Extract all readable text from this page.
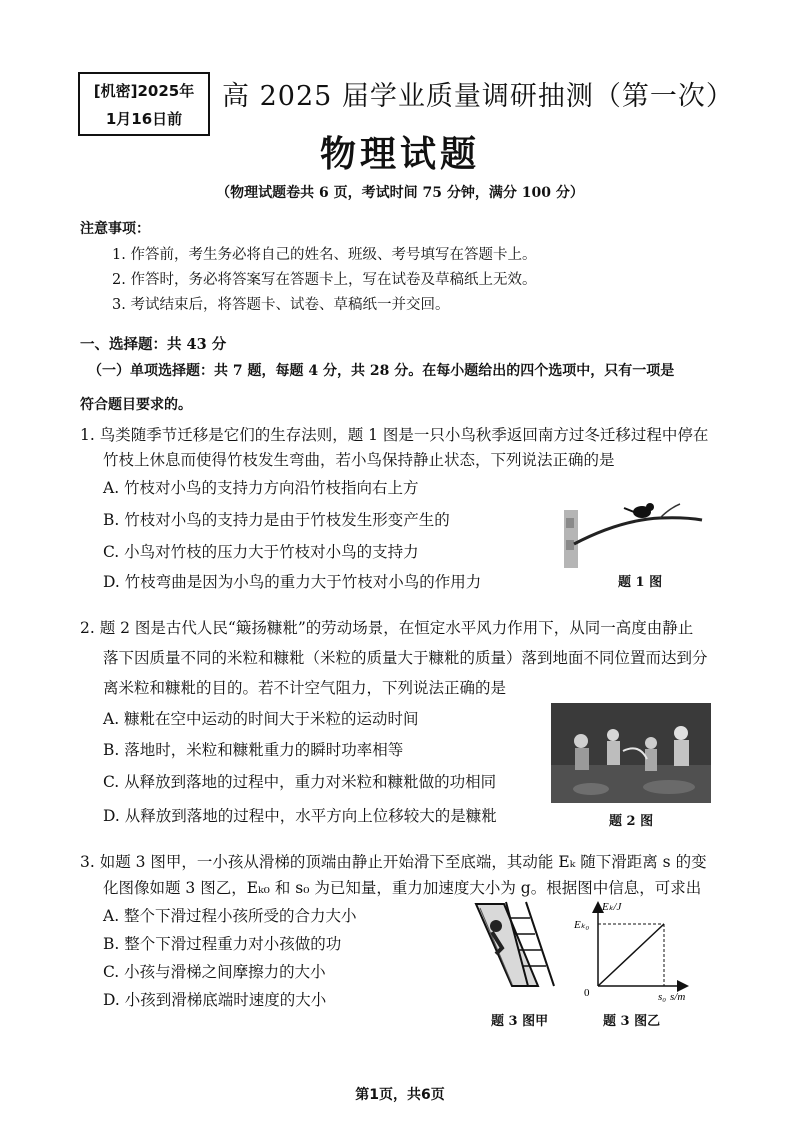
[机密]2025年
1月16日前
高 2025 届学业质量调研抽测（第一次）
物理试题
（物理试题卷共 6 页，考试时间 75 分钟，满分 100 分）
注意事项：
1. 作答前，考生务必将自己的姓名、班级、考号填写在答题卡上。
2. 作答时，务必将答案写在答题卡上，写在试卷及草稿纸上无效。
3. 考试结束后，将答题卡、试卷、草稿纸一并交回。
一、选择题：共 43 分
（一）单项选择题：共 7 题，每题 4 分，共 28 分。在每小题给出的四个选项中，只有一项是
符合题目要求的。
1. 鸟类随季节迁移是它们的生存法则，题 1 图是一只小鸟秋季返回南方过冬迁移过程中停在
竹枝上休息而使得竹枝发生弯曲，若小鸟保持静止状态，下列说法正确的是
A. 竹枝对小鸟的支持力方向沿竹枝指向右上方
B. 竹枝对小鸟的支持力是由于竹枝发生形变产生的
C. 小鸟对竹枝的压力大于竹枝对小鸟的支持力
D. 竹枝弯曲是因为小鸟的重力大于竹枝对小鸟的作用力	题 1 图
2. 题 2 图是古代人民“簸扬糠粃”的劳动场景，在恒定水平风力作用下，从同一高度由静止
落下因质量不同的米粒和糠粃（米粒的质量大于糠粃的质量）落到地面不同位置而达到分
离米粒和糠粃的目的。若不计空气阻力，下列说法正确的是
A. 糠粃在空中运动的时间大于米粒的运动时间
B. 落地时，米粒和糠粃重力的瞬时功率相等
C. 从释放到落地的过程中，重力对米粒和糠粃做的功相同
D. 从释放到落地的过程中，水平方向上位移较大的是糠粃	题 2 图
3. 如题 3 图甲，一小孩从滑梯的顶端由静止开始滑下至底端，其动能 Eₖ 随下滑距离 s 的变
化图像如题 3 图乙，Eₖ₀ 和 s₀ 为已知量，重力加速度大小为 g。根据图中信息，可求出
A. 整个下滑过程小孩所受的合力大小
B. 整个下滑过程重力对小孩做的功
C. 小孩与滑梯之间摩擦力的大小
D. 小孩到滑梯底端时速度的大小
题 3 图甲
Eₖ/J
Eₖ₀
0	s₀ s/m
题 3 图乙
第1页，共6页
